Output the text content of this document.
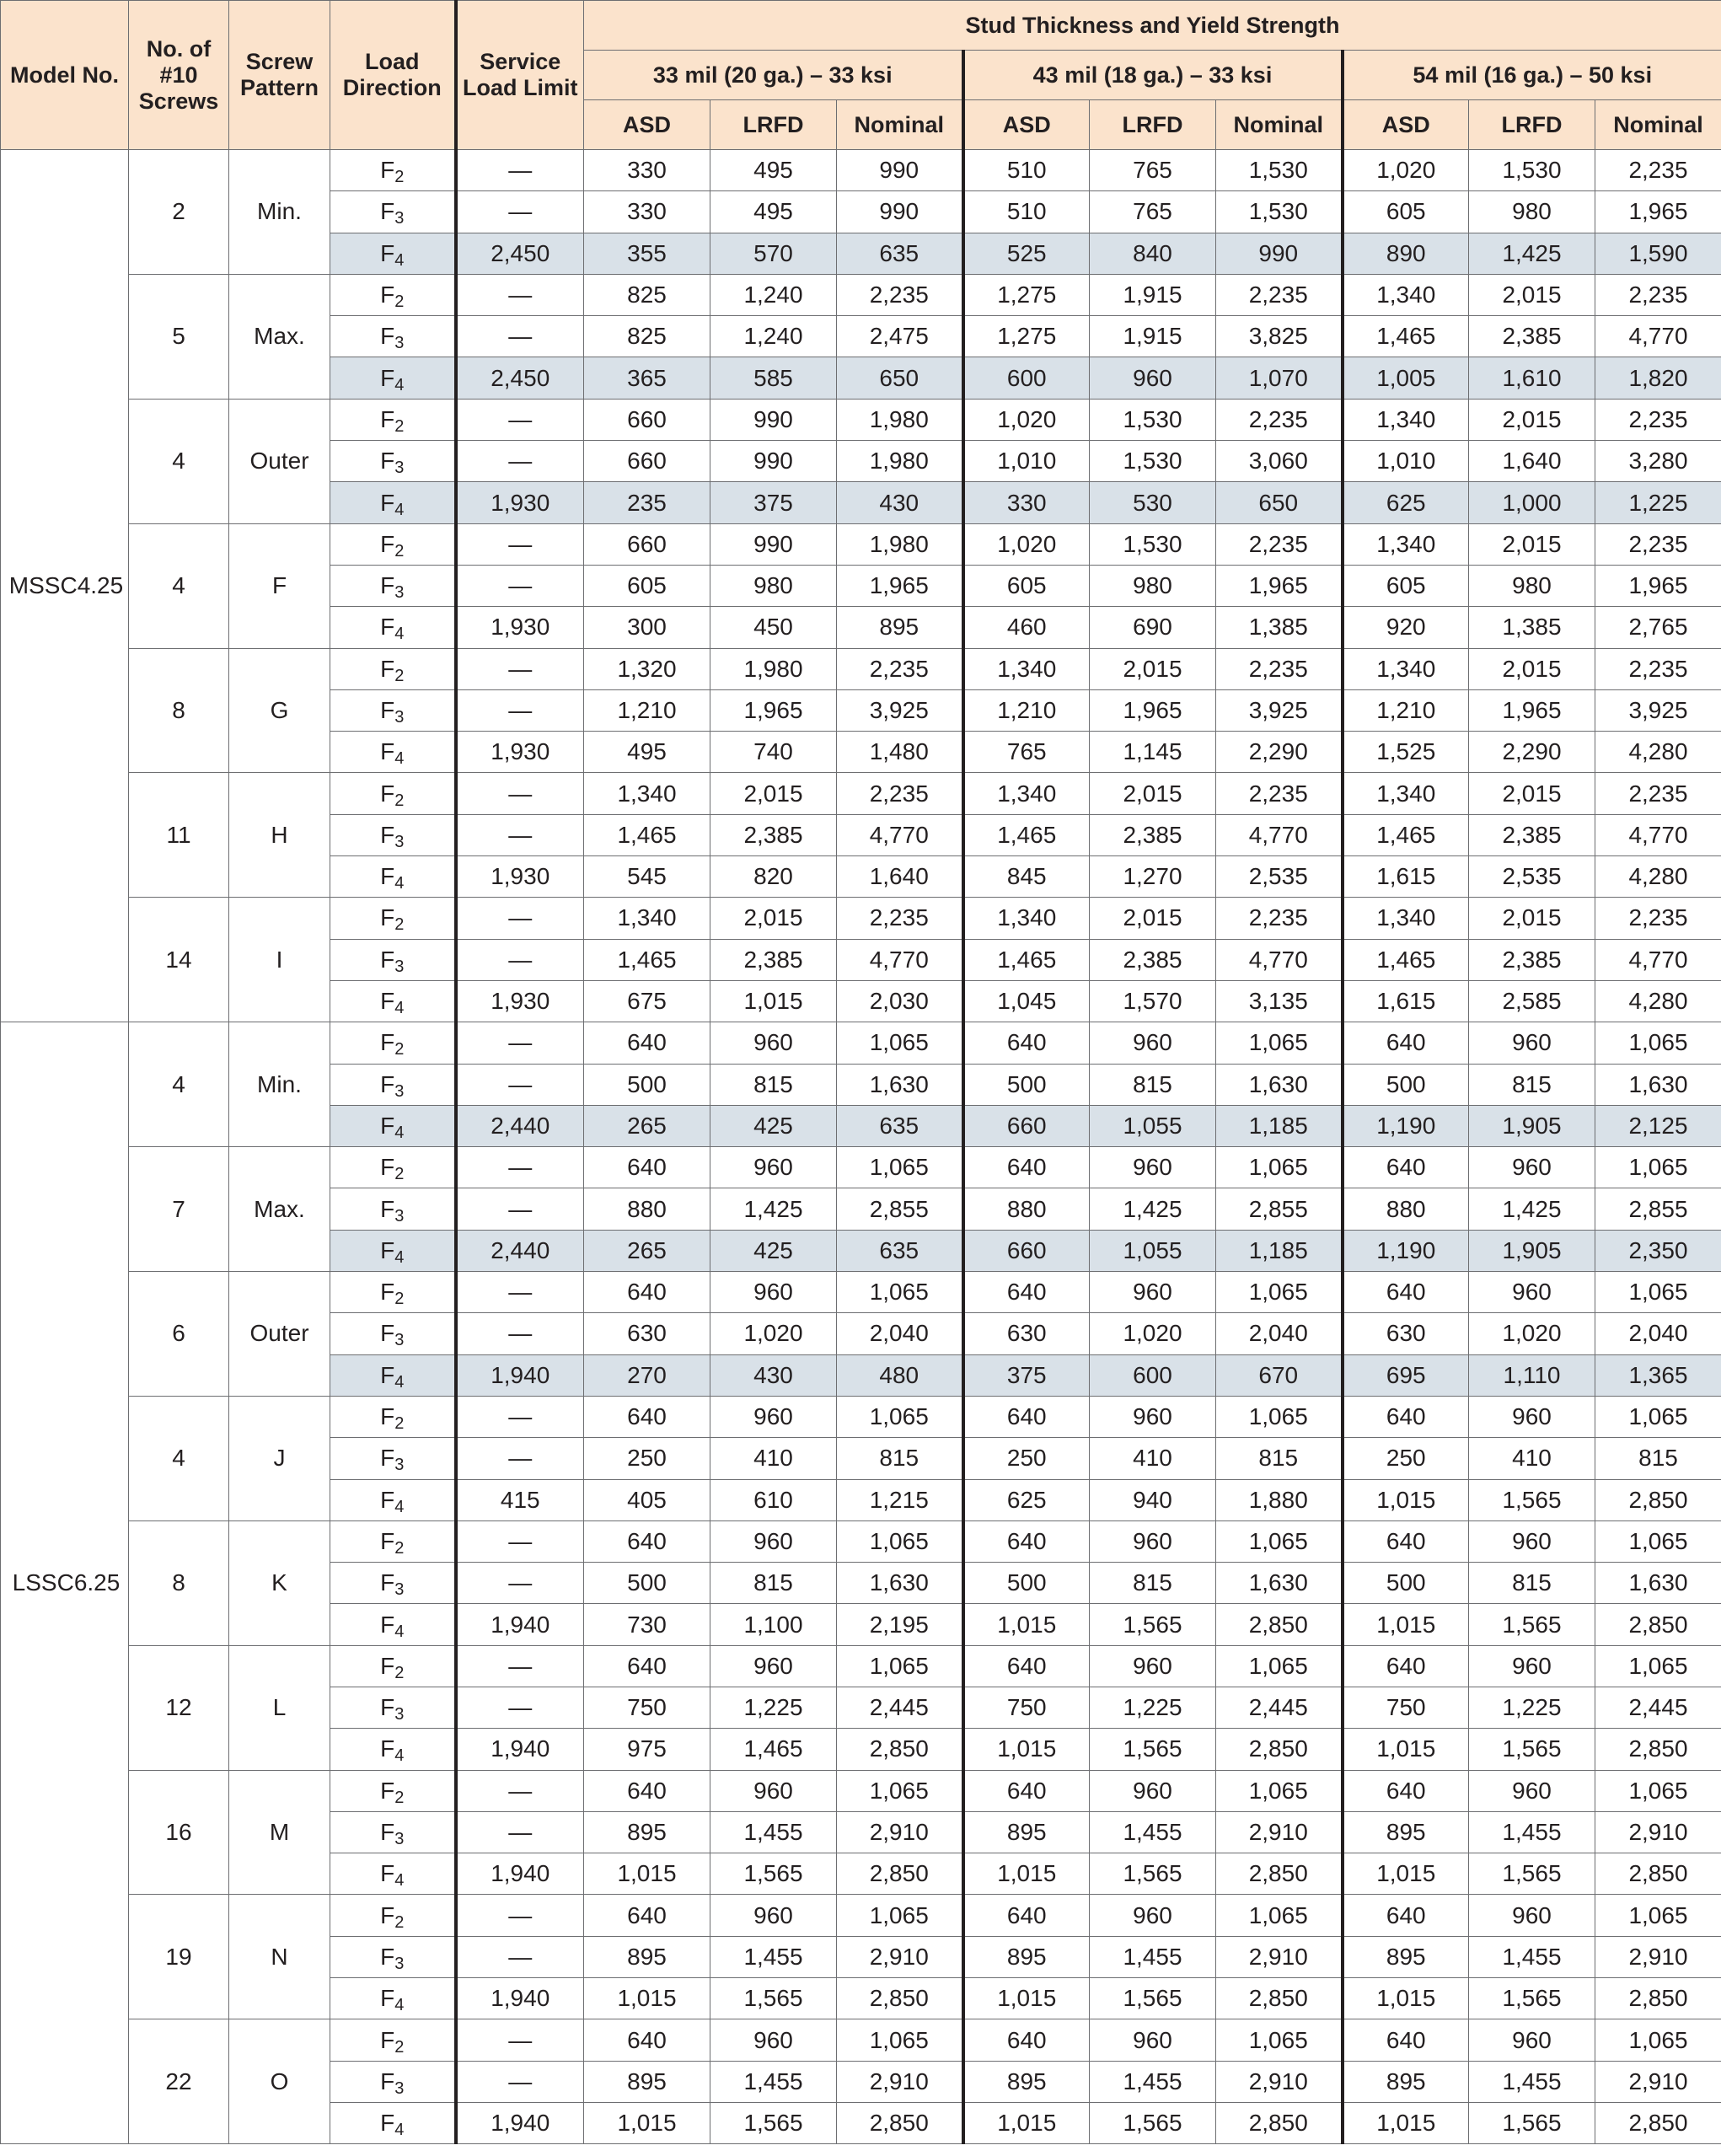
Model No.	No. of #10 Screws	Screw Pattern	Load Direction	Service Load Limit	Stud Thickness and Yield Strength								
					33 mil (20 ga.) – 33 ksi			43 mil (18 ga.) – 33 ksi			54 mil (16 ga.) – 50 ksi		
					ASD	LRFD	Nominal	ASD	LRFD	Nominal	ASD	LRFD	Nominal
MSSC4.25	2	Min.	$F_2$	—	330	495	990	510	765	1,530	1,020	1,530	2,235
			$F_3$	—	330	495	990	510	765	1,530	605	980	1,965
			$F_4$	2,450	355	570	635	525	840	990	890	1,425	1,590
	5	Max.	$F_2$	—	825	1,240	2,235	1,275	1,915	2,235	1,340	2,015	2,235
			$F_3$	—	825	1,240	2,475	1,275	1,915	3,825	1,465	2,385	4,770
			$F_4$	2,450	365	585	650	600	960	1,070	1,005	1,610	1,820
	4	Outer	$F_2$	—	660	990	1,980	1,020	1,530	2,235	1,340	2,015	2,235
			$F_3$	—	660	990	1,980	1,010	1,530	3,060	1,010	1,640	3,280
			$F_4$	1,930	235	375	430	330	530	650	625	1,000	1,225
	4	F	$F_2$	—	660	990	1,980	1,020	1,530	2,235	1,340	2,015	2,235
			$F_3$	—	605	980	1,965	605	980	1,965	605	980	1,965
			$F_4$	1,930	300	450	895	460	690	1,385	920	1,385	2,765
	8	G	$F_2$	—	1,320	1,980	2,235	1,340	2,015	2,235	1,340	2,015	2,235
			$F_3$	—	1,210	1,965	3,925	1,210	1,965	3,925	1,210	1,965	3,925
			$F_4$	1,930	495	740	1,480	765	1,145	2,290	1,525	2,290	4,280
	11	H	$F_2$	—	1,340	2,015	2,235	1,340	2,015	2,235	1,340	2,015	2,235
			$F_3$	—	1,465	2,385	4,770	1,465	2,385	4,770	1,465	2,385	4,770
			$F_4$	1,930	545	820	1,640	845	1,270	2,535	1,615	2,535	4,280
	14	I	$F_2$	—	1,340	2,015	2,235	1,340	2,015	2,235	1,340	2,015	2,235
			$F_3$	—	1,465	2,385	4,770	1,465	2,385	4,770	1,465	2,385	4,770
			$F_4$	1,930	675	1,015	2,030	1,045	1,570	3,135	1,615	2,585	4,280
LSSC6.25	4	Min.	$F_2$	—	640	960	1,065	640	960	1,065	640	960	1,065
			$F_3$	—	500	815	1,630	500	815	1,630	500	815	1,630
			$F_4$	2,440	265	425	635	660	1,055	1,185	1,190	1,905	2,125
	7	Max.	$F_2$	—	640	960	1,065	640	960	1,065	640	960	1,065
			$F_3$	—	880	1,425	2,855	880	1,425	2,855	880	1,425	2,855
			$F_4$	2,440	265	425	635	660	1,055	1,185	1,190	1,905	2,350
	6	Outer	$F_2$	—	640	960	1,065	640	960	1,065	640	960	1,065
			$F_3$	—	630	1,020	2,040	630	1,020	2,040	630	1,020	2,040
			$F_4$	1,940	270	430	480	375	600	670	695	1,110	1,365
	4	J	$F_2$	—	640	960	1,065	640	960	1,065	640	960	1,065
			$F_3$	—	250	410	815	250	410	815	250	410	815
			$F_4$	415	405	610	1,215	625	940	1,880	1,015	1,565	2,850
	8	K	$F_2$	—	640	960	1,065	640	960	1,065	640	960	1,065
			$F_3$	—	500	815	1,630	500	815	1,630	500	815	1,630
			$F_4$	1,940	730	1,100	2,195	1,015	1,565	2,850	1,015	1,565	2,850
	12	L	$F_2$	—	640	960	1,065	640	960	1,065	640	960	1,065
			$F_3$	—	750	1,225	2,445	750	1,225	2,445	750	1,225	2,445
			$F_4$	1,940	975	1,465	2,850	1,015	1,565	2,850	1,015	1,565	2,850
	16	M	$F_2$	—	640	960	1,065	640	960	1,065	640	960	1,065
			$F_3$	—	895	1,455	2,910	895	1,455	2,910	895	1,455	2,910
			$F_4$	1,940	1,015	1,565	2,850	1,015	1,565	2,850	1,015	1,565	2,850
	19	N	$F_2$	—	640	960	1,065	640	960	1,065	640	960	1,065
			$F_3$	—	895	1,455	2,910	895	1,455	2,910	895	1,455	2,910
			$F_4$	1,940	1,015	1,565	2,850	1,015	1,565	2,850	1,015	1,565	2,850
	22	O	$F_2$	—	640	960	1,065	640	960	1,065	640	960	1,065
			$F_3$	—	895	1,455	2,910	895	1,455	2,910	895	1,455	2,910
			$F_4$	1,940	1,015	1,565	2,850	1,015	1,565	2,850	1,015	1,565	2,850
